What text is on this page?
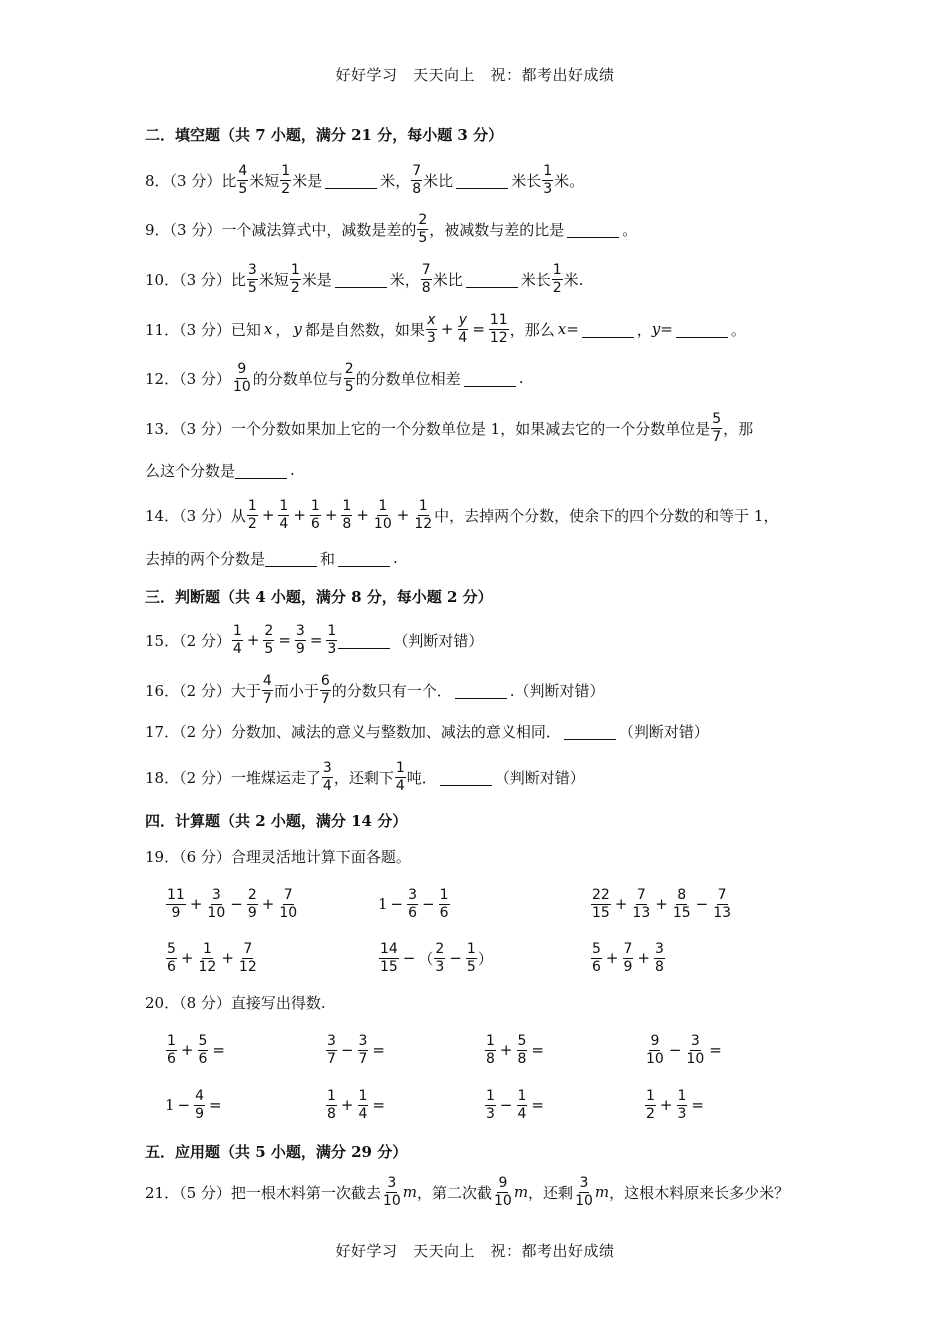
好好学习　天天向上　祝：都考出好成绩
二．填空题（共 7 小题，满分 21 分，每小题 3 分）
8．（3 分）比 $\frac{4}{5}$ 米短 $\frac{1}{2}$ 米是	米， $\frac{7}{8}$ 米比	米长 $\frac{1}{3}$ 米。
9．（3 分）一个减法算式中，减数是差的 $\frac{2}{5}$ ，被减数与差的比是	。
10．（3 分）比 $\frac{3}{5}$ 米短 $\frac{1}{2}$ 米是	米， $\frac{7}{8}$ 米比	米长 $\frac{1}{2}$ 米.
11．（3 分）已知 x ， y 都是自然数，如果 $\frac{x}{3} + \frac{y}{4} = \frac{11}{12}$ ，那么 x =	， y =	。
12．（3 分） $\frac{9}{10}$ 的分数单位与 $\frac{2}{5}$ 的分数单位相差	.
13．（3 分）一个分数如果加上它的一个分数单位是 1，如果减去它的一个分数单位是 $\frac{5}{7}$ ，那
么这个分数是	.
14．（3 分）从 $\frac{1}{2} + \frac{1}{4} + \frac{1}{6} + \frac{1}{8} + \frac{1}{10} + \frac{1}{12}$ 中，去掉两个分数，使余下的四个分数的和等于 1，
去掉的两个分数是	和	.
三．判断题（共 4 小题，满分 8 分，每小题 2 分）
15．（2 分） $\frac{1}{4} + \frac{2}{5} = \frac{3}{9} = \frac{1}{3}$	（判断对错）
16．（2 分）大于 $\frac{4}{7}$ 而小于 $\frac{6}{7}$ 的分数只有一个．	.（判断对错）
17．（2 分）分数加、减法的意义与整数加、减法的意义相同．	（判断对错）
18．（2 分）一堆煤运走了 $\frac{3}{4}$ ，还剩下 $\frac{1}{4}$ 吨．	（判断对错）
四．计算题（共 2 小题，满分 14 分）
19．（6 分）合理灵活地计算下面各题。
$\frac{11}{9} + \frac{3}{10} - \frac{2}{9} + \frac{7}{10}$	$1 - \frac{3}{6} - \frac{1}{6}$	$\frac{22}{15} + \frac{7}{13} + \frac{8}{15} - \frac{7}{13}$
$\frac{5}{6} + \frac{1}{12} + \frac{7}{12}$	$\frac{14}{15}$ − （ $\frac{2}{3} - \frac{1}{5}$ ）	$\frac{5}{6} + \frac{7}{9} + \frac{3}{8}$
20．（8 分）直接写出得数.
$\frac{1}{6} + \frac{5}{6}$ =	$\frac{3}{7} - \frac{3}{7}$ =	$\frac{1}{8} + \frac{5}{8}$ =	$\frac{9}{10} - \frac{3}{10}$ =
$1 - \frac{4}{9}$ =	$\frac{1}{8} + \frac{1}{4}$ =	$\frac{1}{3} - \frac{1}{4}$ =	$\frac{1}{2} + \frac{1}{3}$ =
五．应用题（共 5 小题，满分 29 分）
21．（5 分）把一根木料第一次截去 $\frac{3}{10}$ m ，第二次截 $\frac{9}{10}$ m ，还剩 $\frac{3}{10}$ m ，这根木料原来长多少米？
好好学习　天天向上　祝：都考出好成绩
